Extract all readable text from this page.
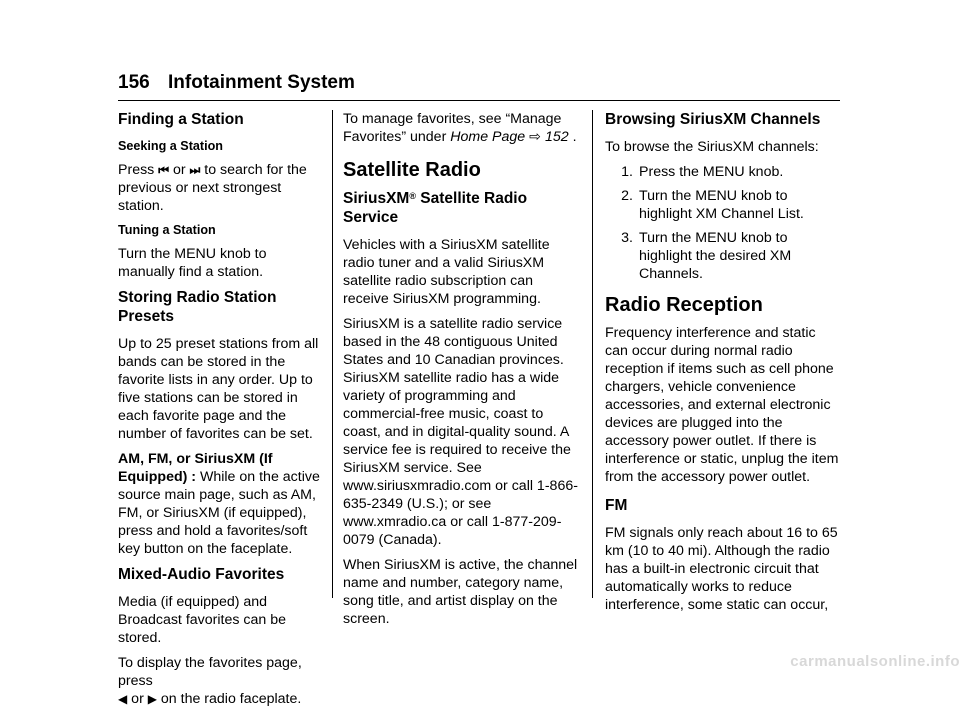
156 Infotainment System
Finding a Station
Seeking a Station

Press ⏮ or ⏭ to search for the previous or next strongest station.

Tuning a Station

Turn the MENU knob to manually find a station.

Storing Radio Station Presets

Up to 25 preset stations from all bands can be stored in the favorite lists in any order. Up to five stations can be stored in each favorite page and the number of favorites can be set.

AM, FM, or SiriusXM (If Equipped) : While on the active source main page, such as AM, FM, or SiriusXM (if equipped), press and hold a favorites/soft key button on the faceplate.

Mixed-Audio Favorites

Media (if equipped) and Broadcast favorites can be stored.

To display the favorites page, press
◀ or ▶ on the radio faceplate.

To manage favorites, see “Manage Favorites” under Home Page ⇨ 152 .

Satellite Radio
SiriusXM® Satellite Radio Service

Vehicles with a SiriusXM satellite radio tuner and a valid SiriusXM satellite radio subscription can receive SiriusXM programming.

SiriusXM is a satellite radio service based in the 48 contiguous United States and 10 Canadian provinces. SiriusXM satellite radio has a wide variety of programming and commercial-free music, coast to coast, and in digital-quality sound. A service fee is required to receive the SiriusXM service. See www.siriusxmradio.com or call 1-866-635-2349 (U.S.); or see www.xmradio.ca or call 1-877-209-0079 (Canada).

When SiriusXM is active, the channel name and number, category name, song title, and artist display on the screen.

Browsing SiriusXM Channels

To browse the SiriusXM channels:

1. Press the MENU knob.
2. Turn the MENU knob to highlight XM Channel List.
3. Turn the MENU knob to highlight the desired XM Channels.
Radio Reception

Frequency interference and static can occur during normal radio reception if items such as cell phone chargers, vehicle convenience accessories, and external electronic devices are plugged into the accessory power outlet. If there is interference or static, unplug the item from the accessory power outlet.

FM

FM signals only reach about 16 to 65 km (10 to 40 mi). Although the radio has a built-in electronic circuit that automatically works to reduce interference, some static can occur,

carmanualsonline.info
